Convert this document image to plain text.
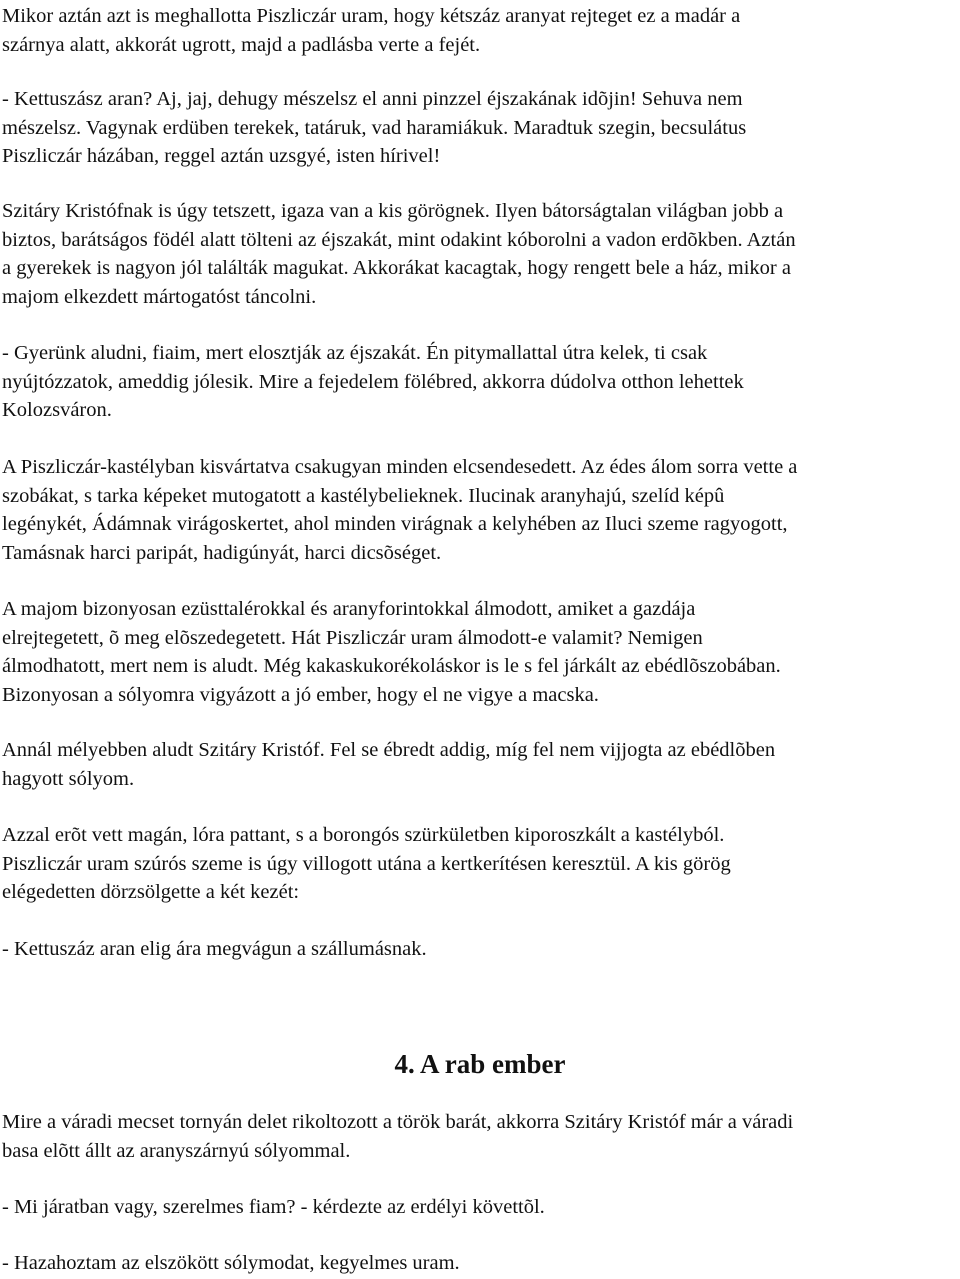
Mikor aztán azt is meghallotta Piszliczár uram, hogy kétszáz aranyat rejteget ez a madár a
szárnya alatt, akkorát ugrott, majd a padlásba verte a fejét.

- Kettuszász aran? Aj, jaj, dehugy mészelsz el anni pinzzel éjszakának idõjin! Sehuva nem
mészelsz. Vagynak erdüben terekek, tatáruk, vad haramiákuk. Maradtuk szegin, becsulátus
Piszliczár házában, reggel aztán uzsgyé, isten hírivel!

Szitáry Kristófnak is úgy tetszett, igaza van a kis görögnek. Ilyen bátorságtalan világban jobb a
biztos, barátságos födél alatt tölteni az éjszakát, mint odakint kóborolni a vadon erdõkben. Aztán
a gyerekek is nagyon jól találták magukat. Akkorákat kacagtak, hogy rengett bele a ház, mikor a
majom elkezdett mártogatóst táncolni.

- Gyerünk aludni, fiaim, mert elosztják az éjszakát. Én pitymallattal útra kelek, ti csak
nyújtózzatok, ameddig jólesik. Mire a fejedelem fölébred, akkorra dúdolva otthon lehettek
Kolozsváron.

A Piszliczár-kastélyban kisvártatva csakugyan minden elcsendesedett. Az édes álom sorra vette a
szobákat, s tarka képeket mutogatott a kastélybelieknek. Ilucinak aranyhajú, szelíd képû
legénykét, Ádámnak virágoskertet, ahol minden virágnak a kelyhében az Iluci szeme ragyogott,
Tamásnak harci paripát, hadigúnyát, harci dicsõséget.

A majom bizonyosan ezüsttalérokkal és aranyforintokkal álmodott, amiket a gazdája
elrejtegetett, õ meg elõszedegetett. Hát Piszliczár uram álmodott-e valamit? Nemigen
álmodhatott, mert nem is aludt. Még kakaskukorékoláskor is le s fel járkált az ebédlõszobában.
Bizonyosan a sólyomra vigyázott a jó ember, hogy el ne vigye a macska.

Annál mélyebben aludt Szitáry Kristóf. Fel se ébredt addig, míg fel nem vijjogta az ebédlõben
hagyott sólyom.

Azzal erõt vett magán, lóra pattant, s a borongós szürkületben kiporoszkált a kastélyból.
Piszliczár uram szúrós szeme is úgy villogott utána a kertkerítésen keresztül. A kis görög
elégedetten dörzsölgette a két kezét:

- Kettuszáz aran elig ára megvágun a szállumásnak.

4. A rab ember

Mire a váradi mecset tornyán delet rikoltozott a török barát, akkorra Szitáry Kristóf már a váradi
basa elõtt állt az aranyszárnyú sólyommal.

- Mi járatban vagy, szerelmes fiam? - kérdezte az erdélyi követtõl.

- Hazahoztam az elszökött sólymodat, kegyelmes uram.
